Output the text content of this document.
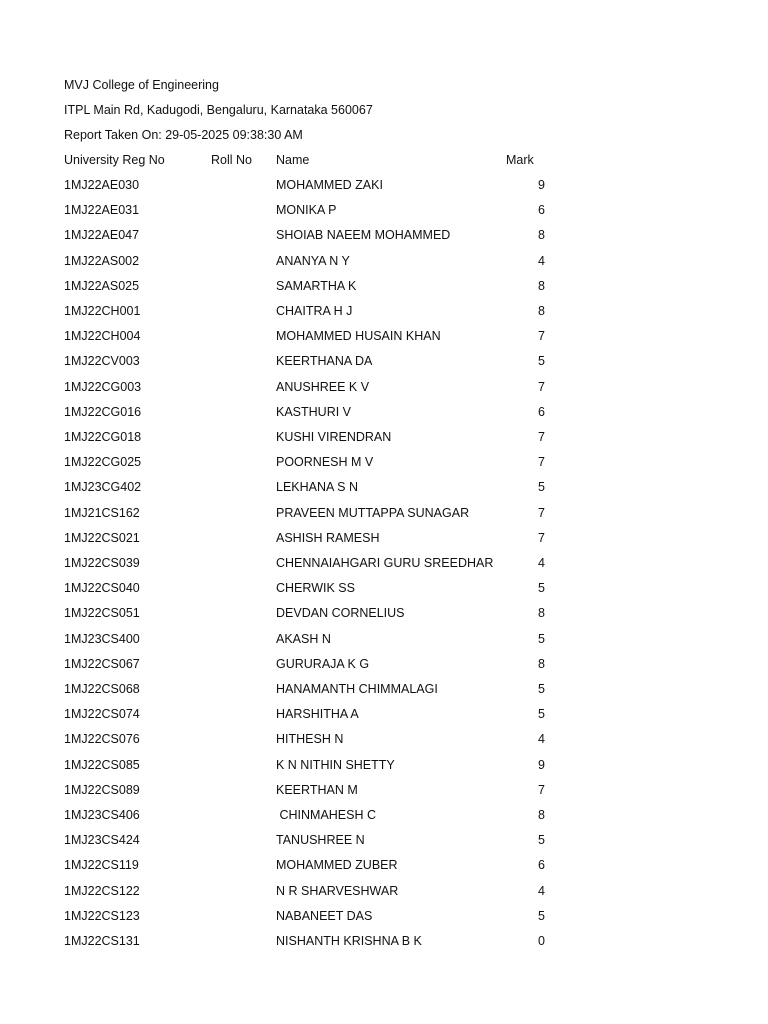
MVJ College of Engineering
ITPL Main Rd, Kadugodi, Bengaluru, Karnataka 560067
Report Taken On: 29-05-2025 09:38:30 AM
University Reg No	Roll No Name	Mark
1MJ22AE030	MOHAMMED ZAKI	9
1MJ22AE031	MONIKA P	6
1MJ22AE047	SHOIAB NAEEM MOHAMMED	8
1MJ22AS002	ANANYA N Y	4
1MJ22AS025	SAMARTHA K	8
1MJ22CH001	CHAITRA H J	8
1MJ22CH004	MOHAMMED HUSAIN KHAN	7
1MJ22CV003	KEERTHANA DA	5
1MJ22CG003	ANUSHREE K V	7
1MJ22CG016	KASTHURI V	6
1MJ22CG018	KUSHI VIRENDRAN	7
1MJ22CG025	POORNESH M V	7
1MJ23CG402	LEKHANA S N	5
1MJ21CS162	PRAVEEN MUTTAPPA SUNAGAR	7
1MJ22CS021	ASHISH RAMESH	7
1MJ22CS039	CHENNAIAHGARI GURU SREEDHAR	4
1MJ22CS040	CHERWIK SS	5
1MJ22CS051	DEVDAN CORNELIUS	8
1MJ23CS400	AKASH N	5
1MJ22CS067	GURURAJA K G	8
1MJ22CS068	HANAMANTH CHIMMALAGI	5
1MJ22CS074	HARSHITHA A	5
1MJ22CS076	HITHESH N	4
1MJ22CS085	K N NITHIN SHETTY	9
1MJ22CS089	KEERTHAN M	7
1MJ23CS406	CHINMAHESH C	8
1MJ23CS424	TANUSHREE N	5
1MJ22CS119	MOHAMMED ZUBER	6
1MJ22CS122	N R SHARVESHWAR	4
1MJ22CS123	NABANEET DAS	5
1MJ22CS131	NISHANTH KRISHNA B K	0
